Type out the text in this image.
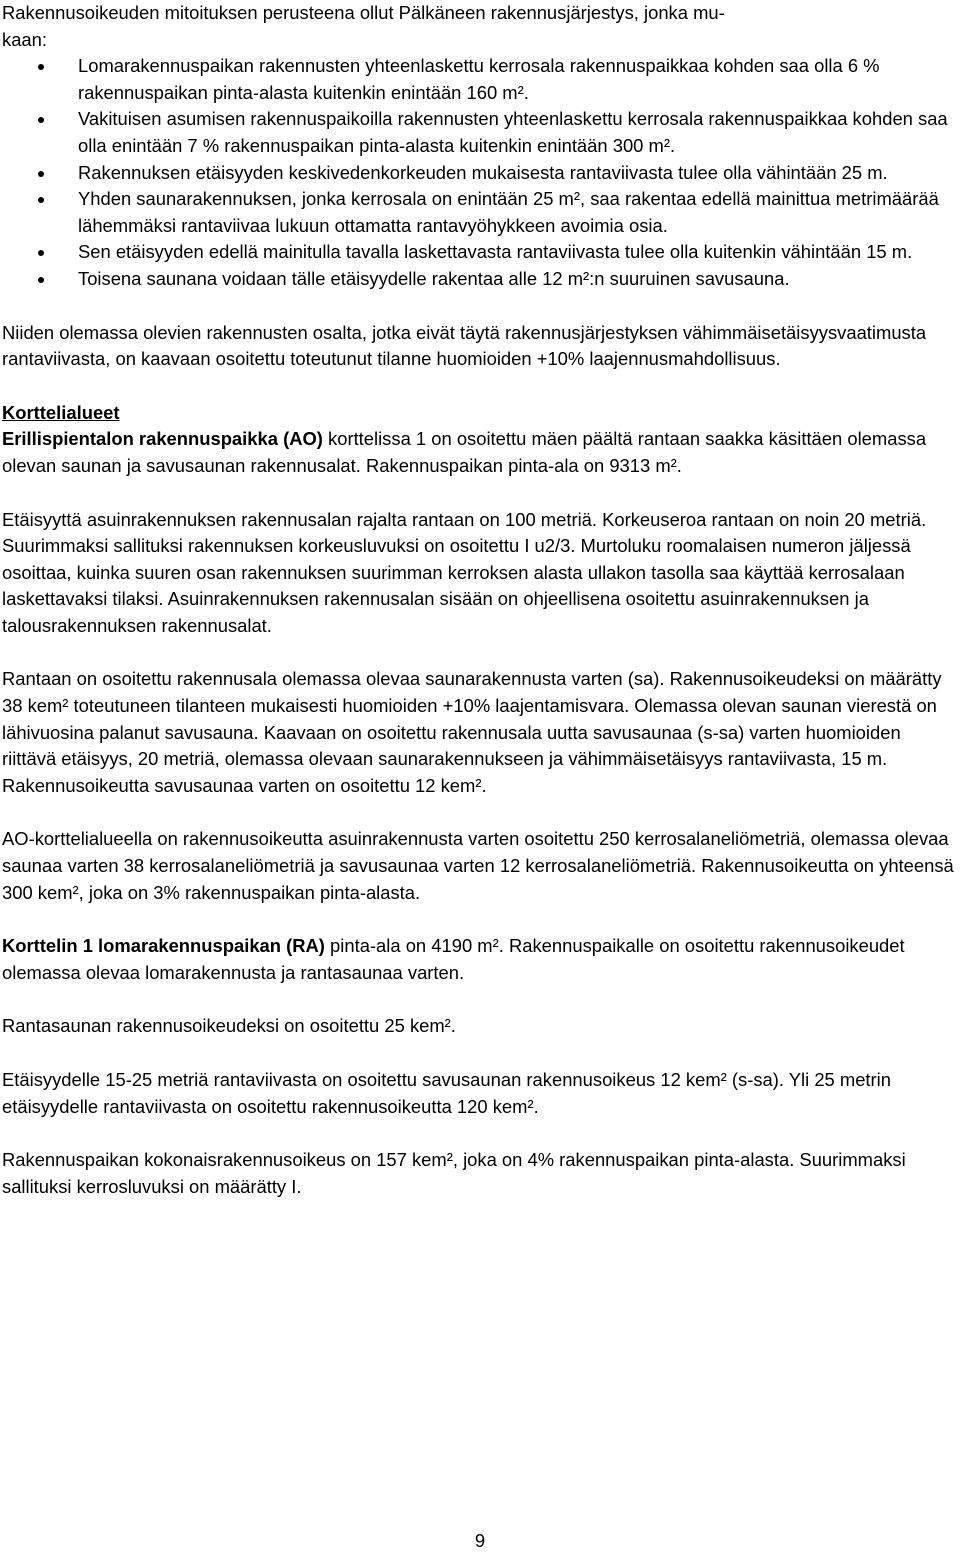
Rakennusoikeuden mitoituksen perusteena ollut Pälkäneen rakennusjärjestys, jonka mu-
kaan:

Lomarakennuspaikan rakennusten yhteenlaskettu kerrosala rakennuspaikkaa kohden saa olla 6 % rakennuspaikan pinta-alasta kuitenkin enintään 160 m².
Vakituisen asumisen rakennuspaikoilla rakennusten yhteenlaskettu kerrosala rakennuspaikkaa kohden saa olla enintään 7 % rakennuspaikan pinta-alasta kuitenkin enintään 300 m².
Rakennuksen etäisyyden keskivedenkorkeuden mukaisesta rantaviivasta tulee olla vähintään 25 m.
Yhden saunarakennuksen, jonka kerrosala on enintään 25 m², saa rakentaa edellä mainittua metrimäärää lähemmäksi rantaviivaa lukuun ottamatta rantavyöhykkeen avoimia osia.
Sen etäisyyden edellä mainitulla tavalla laskettavasta rantaviivasta tulee olla kuitenkin vähintään 15 m.
Toisena saunana voidaan tälle etäisyydelle rakentaa alle 12 m²:n suuruinen savusauna.

Niiden olemassa olevien rakennusten osalta, jotka eivät täytä rakennusjärjestyksen vähimmäisetäisyysvaatimusta rantaviivasta, on kaavaan osoitettu toteutunut tilanne huomioiden +10% laajennusmahdollisuus.

Korttelialueet

Erillispientalon rakennuspaikka (AO) korttelissa 1 on osoitettu mäen päältä rantaan saakka käsittäen olemassa olevan saunan ja savusaunan rakennusalat. Rakennuspaikan pinta-ala on 9313 m².

Etäisyyttä asuinrakennuksen rakennusalan rajalta rantaan on 100 metriä. Korkeuseroa rantaan on noin 20 metriä. Suurimmaksi sallituksi rakennuksen korkeusluvuksi on osoitettu I u2/3. Murtoluku roomalaisen numeron jäljessä osoittaa, kuinka suuren osan rakennuksen suurimman kerroksen alasta ullakon tasolla saa käyttää kerrosalaan laskettavaksi tilaksi. Asuinrakennuksen rakennusalan sisään on ohjeellisena osoitettu asuinrakennuksen ja talousrakennuksen rakennusalat.

Rantaan on osoitettu rakennusala olemassa olevaa saunarakennusta varten (sa). Rakennusoikeudeksi on määrätty 38 kem² toteutuneen tilanteen mukaisesti huomioiden +10% laajentamisvara. Olemassa olevan saunan vierestä on lähivuosina palanut savusauna. Kaavaan on osoitettu rakennusala uutta savusaunaa (s-sa) varten huomioiden riittävä etäisyys, 20 metriä, olemassa olevaan saunarakennukseen ja vähimmäisetäisyys rantaviivasta, 15 m. Rakennusoikeutta savusaunaa varten on osoitettu 12 kem².

AO-korttelialueella on rakennusoikeutta asuinrakennusta varten osoitettu 250 kerrosalaneliömetriä, olemassa olevaa saunaa varten 38 kerrosalaneliömetriä ja savusaunaa varten 12 kerrosalaneliömetriä. Rakennusoikeutta on yhteensä 300 kem², joka on 3% rakennuspaikan pinta-alasta.

Korttelin 1 lomarakennuspaikan (RA) pinta-ala on 4190 m². Rakennuspaikalle on osoitettu rakennusoikeudet olemassa olevaa lomarakennusta ja rantasaunaa varten.

Rantasaunan rakennusoikeudeksi on osoitettu 25 kem².

Etäisyydelle 15-25 metriä rantaviivasta on osoitettu savusaunan rakennusoikeus 12 kem² (s-sa). Yli 25 metrin etäisyydelle rantaviivasta on osoitettu rakennusoikeutta 120 kem².

Rakennuspaikan kokonaisrakennusoikeus on 157 kem², joka on 4% rakennuspaikan pinta-alasta. Suurimmaksi sallituksi kerrosluvuksi on määrätty I.

9
